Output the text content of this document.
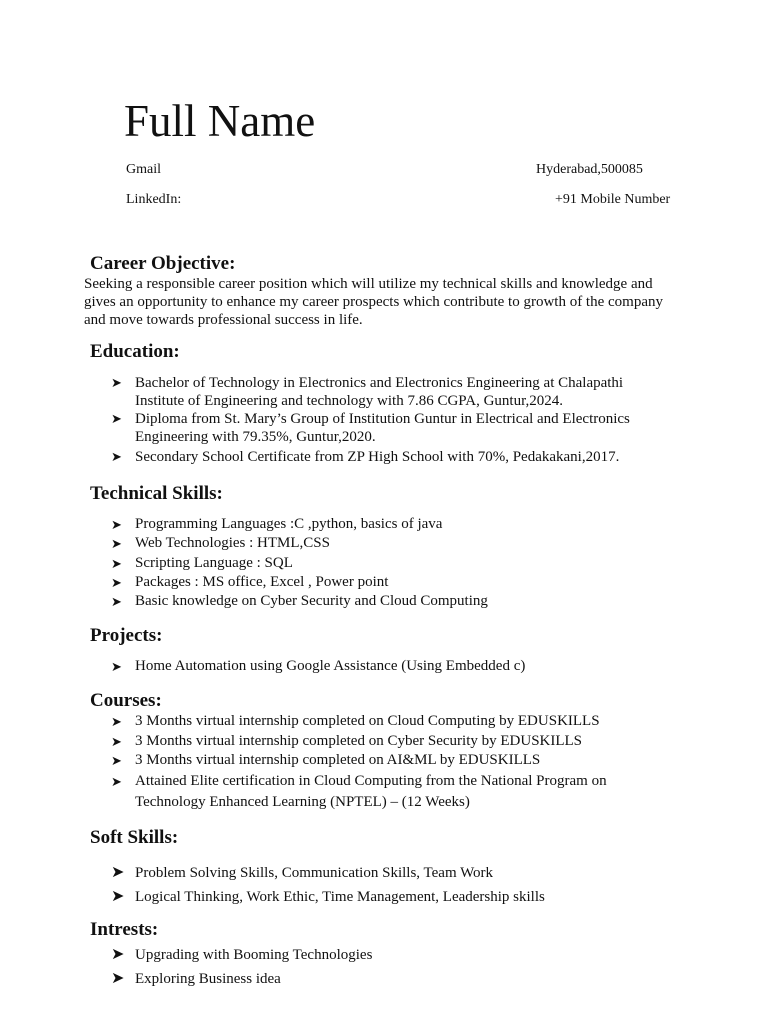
Full Name
Gmail	Hyderabad,500085
LinkedIn:	+91 Mobile Number
Career Objective:
Seeking a responsible career position which will utilize my technical skills and knowledge and gives an opportunity to enhance my career prospects which contribute to growth of the company and move towards professional success in life.
Education:
➤ Bachelor of Technology in Electronics and Electronics Engineering at Chalapathi Institute of Engineering and technology with 7.86 CGPA, Guntur,2024.
➤ Diploma from St. Mary’s Group of Institution Guntur in Electrical and Electronics Engineering with 79.35%, Guntur,2020.
➤ Secondary School Certificate from ZP High School with 70%, Pedakakani,2017.
Technical Skills:
➤ Programming Languages :C ,python, basics of java
➤ Web Technologies : HTML,CSS
➤ Scripting Language : SQL
➤ Packages : MS office, Excel , Power point
➤ Basic knowledge on Cyber Security and Cloud Computing
Projects:
➤ Home Automation using Google Assistance (Using Embedded c)
Courses:
➤ 3 Months virtual internship completed on Cloud Computing by EDUSKILLS
➤ 3 Months virtual internship completed on Cyber Security by EDUSKILLS
➤ 3 Months virtual internship completed on AI&ML by EDUSKILLS
➤ Attained Elite certification in Cloud Computing from the National Program on Technology Enhanced Learning (NPTEL) – (12 Weeks)
Soft Skills:
➤ Problem Solving Skills, Communication Skills, Team Work
➤ Logical Thinking, Work Ethic, Time Management, Leadership skills
Intrests:
➤ Upgrading with Booming Technologies
➤ Exploring Business idea
